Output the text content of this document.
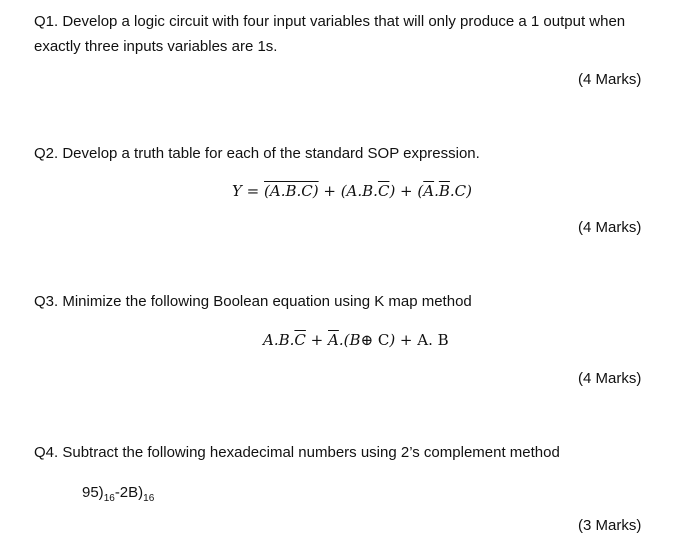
Q1. Develop a logic circuit with four input variables that will only produce a 1 output when
exactly three inputs variables are 1s.
(4 Marks)
Q2. Develop a truth table for each of the standard SOP expression.
$Y = (A.B.C) + (A.B.\overline{C}) + (\overline{A}.\overline{B}.C)$
(4 Marks)
Q3. Minimize the following Boolean equation using K map method
$A.B.\overline{C}$ + $\overline{A}.(B\oplus$ C) + A. B
(4 Marks)
Q4. Subtract the following hexadecimal numbers using 2’s complement method
$95)_{16}-2B)_{16}$
(3 Marks)
